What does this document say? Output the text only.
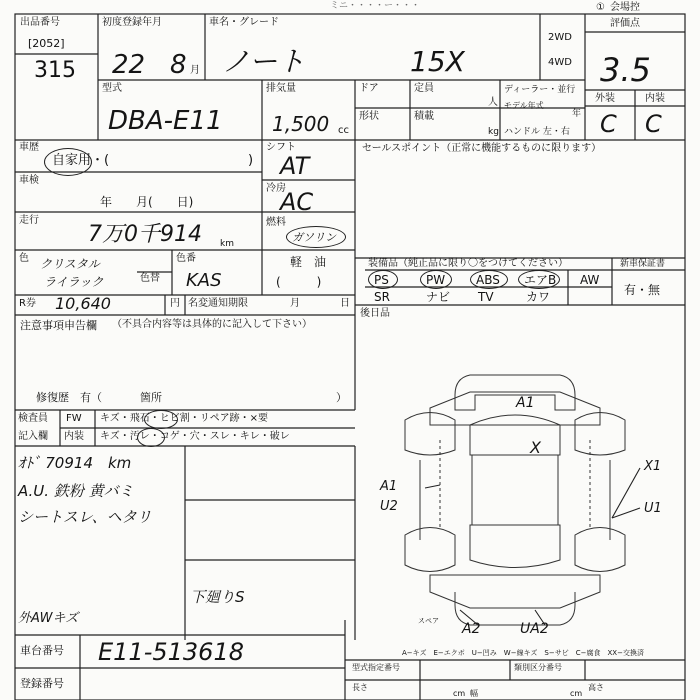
ミニ・・・・ー・・・	① 会場控
出品番号
[2052]
315
初度登録年月
22 8 月
車名・グレード
ノート	15X
2WD
4WD
評価点
3.5
外装	内装
C C
型式
DBA-E11
排気量
1,500 cc
ドア	定員
人
ディーラー・並行
モデル年式
年
形状	積載
kg ハンドル 左・右
車歴
自家用・(	)
シフト
AT
車検
年　　月(　　日)
冷房
AC
走行
7万0千914 km
燃料
ガソリン
軽　油
(　　　)
色 クリスタル
ライラック	色替
色番
KAS
R券 10,640	円 名変通知期限	月	日
セールスポイント（正常に機能するものに限ります）
装備品（純正品に限り〇をつけてください）	新車保証書
有・無
PS	PW	ABS エアB AW
SR	ナビ TV	カワ
後日品
注意事項申告欄 （不具合内容等は具体的に記入して下さい）
修復歴　有（	箇所	）
検査員
記入欄
FW キズ・飛石・ヒビ割・リペア跡・×要
内装 キズ・汚レ・コゲ・穴・スレ・キレ・破レ
ｵﾄﾞ 70914　km
A.U. 鉄粉 黄バミ
シートスレ、ヘタリ
下廻りS
外AWキズ
A1
X
A1
U2
X1
U1
A2	UA2
スペア
A−キズ　E−エクボ　U−凹み　W−線キズ　S−サビ　C−腐食　XX−交換済
型式指定番号	類別区分番号
長さ
幅
高さ
cm	cm
車台番号 E11-513618
登録番号
